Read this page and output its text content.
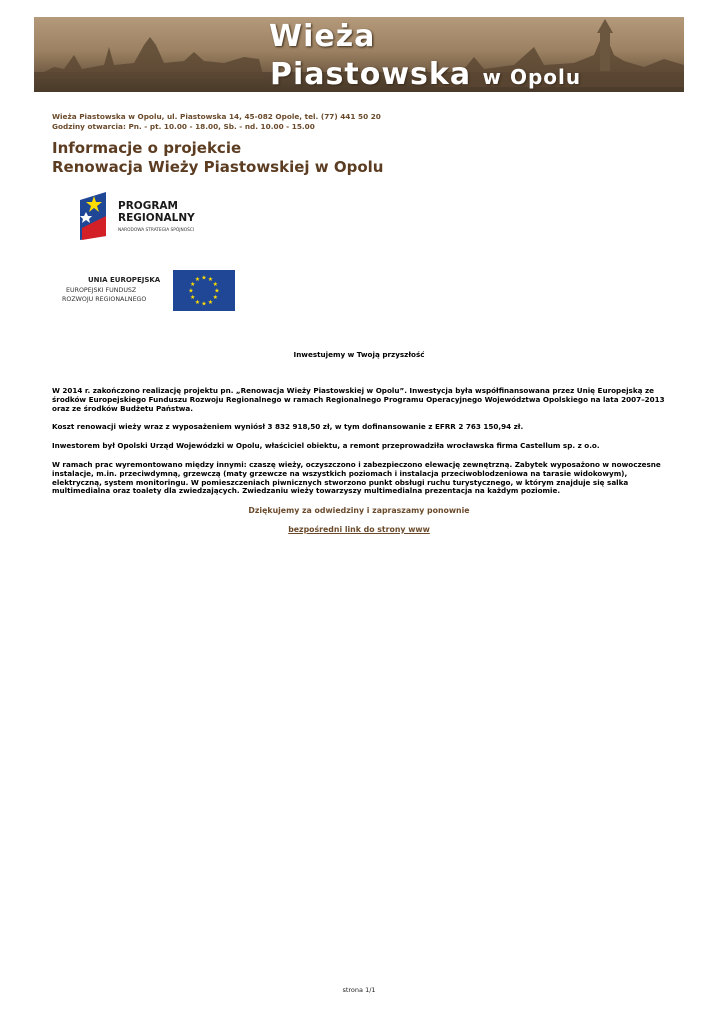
Wieża
Piastowska w Opolu
Wieża Piastowska w Opolu, ul. Piastowska 14, 45-082 Opole, tel. (77) 441 50 20
Godziny otwarcia: Pn. - pt. 10.00 - 18.00, Sb. - nd. 10.00 - 15.00
Informacje o projekcie
Renowacja Wieży Piastowskiej w Opolu
PROGRAM
REGIONALNY
NARODOWA STRATEGIA SPÓJNOŚCI
UNIA EUROPEJSKA
EUROPEJSKI FUNDUSZ
ROZWOJU REGIONALNEGO
★ ★
★
★
★
★
★
★
★
★
★
★
Inwestujemy w Twoją przyszłość
W 2014 r. zakończono realizację projektu pn. „Renowacja Wieży Piastowskiej w Opolu”. Inwestycja była współfinansowana przez Unię Europejską ze środków Europejskiego Funduszu Rozwoju Regionalnego w ramach Regionalnego Programu Operacyjnego Województwa Opolskiego na lata 2007–2013 oraz ze środków Budżetu Państwa.
Koszt renowacji wieży wraz z wyposażeniem wyniósł 3 832 918,50 zł, w tym dofinansowanie z EFRR 2 763 150,94 zł.
Inwestorem był Opolski Urząd Wojewódzki w Opolu, właściciel obiektu, a remont przeprowadziła wrocławska firma Castellum sp. z o.o.
W ramach prac wyremontowano między innymi: czaszę wieży, oczyszczono i zabezpieczono elewację zewnętrzną. Zabytek wyposażono w nowoczesne instalacje, m.in. przeciwdymną, grzewczą (maty grzewcze na wszystkich poziomach i instalacja przeciwoblodzeniowa na tarasie widokowym), elektryczną, system monitoringu. W pomieszczeniach piwnicznych stworzono punkt obsługi ruchu turystycznego, w którym znajduje się salka multimedialna oraz toalety dla zwiedzających. Zwiedzaniu wieży towarzyszy multimedialna prezentacja na każdym poziomie.
Dziękujemy za odwiedziny i zapraszamy ponownie
bezpośredni link do strony www
strona 1/1
